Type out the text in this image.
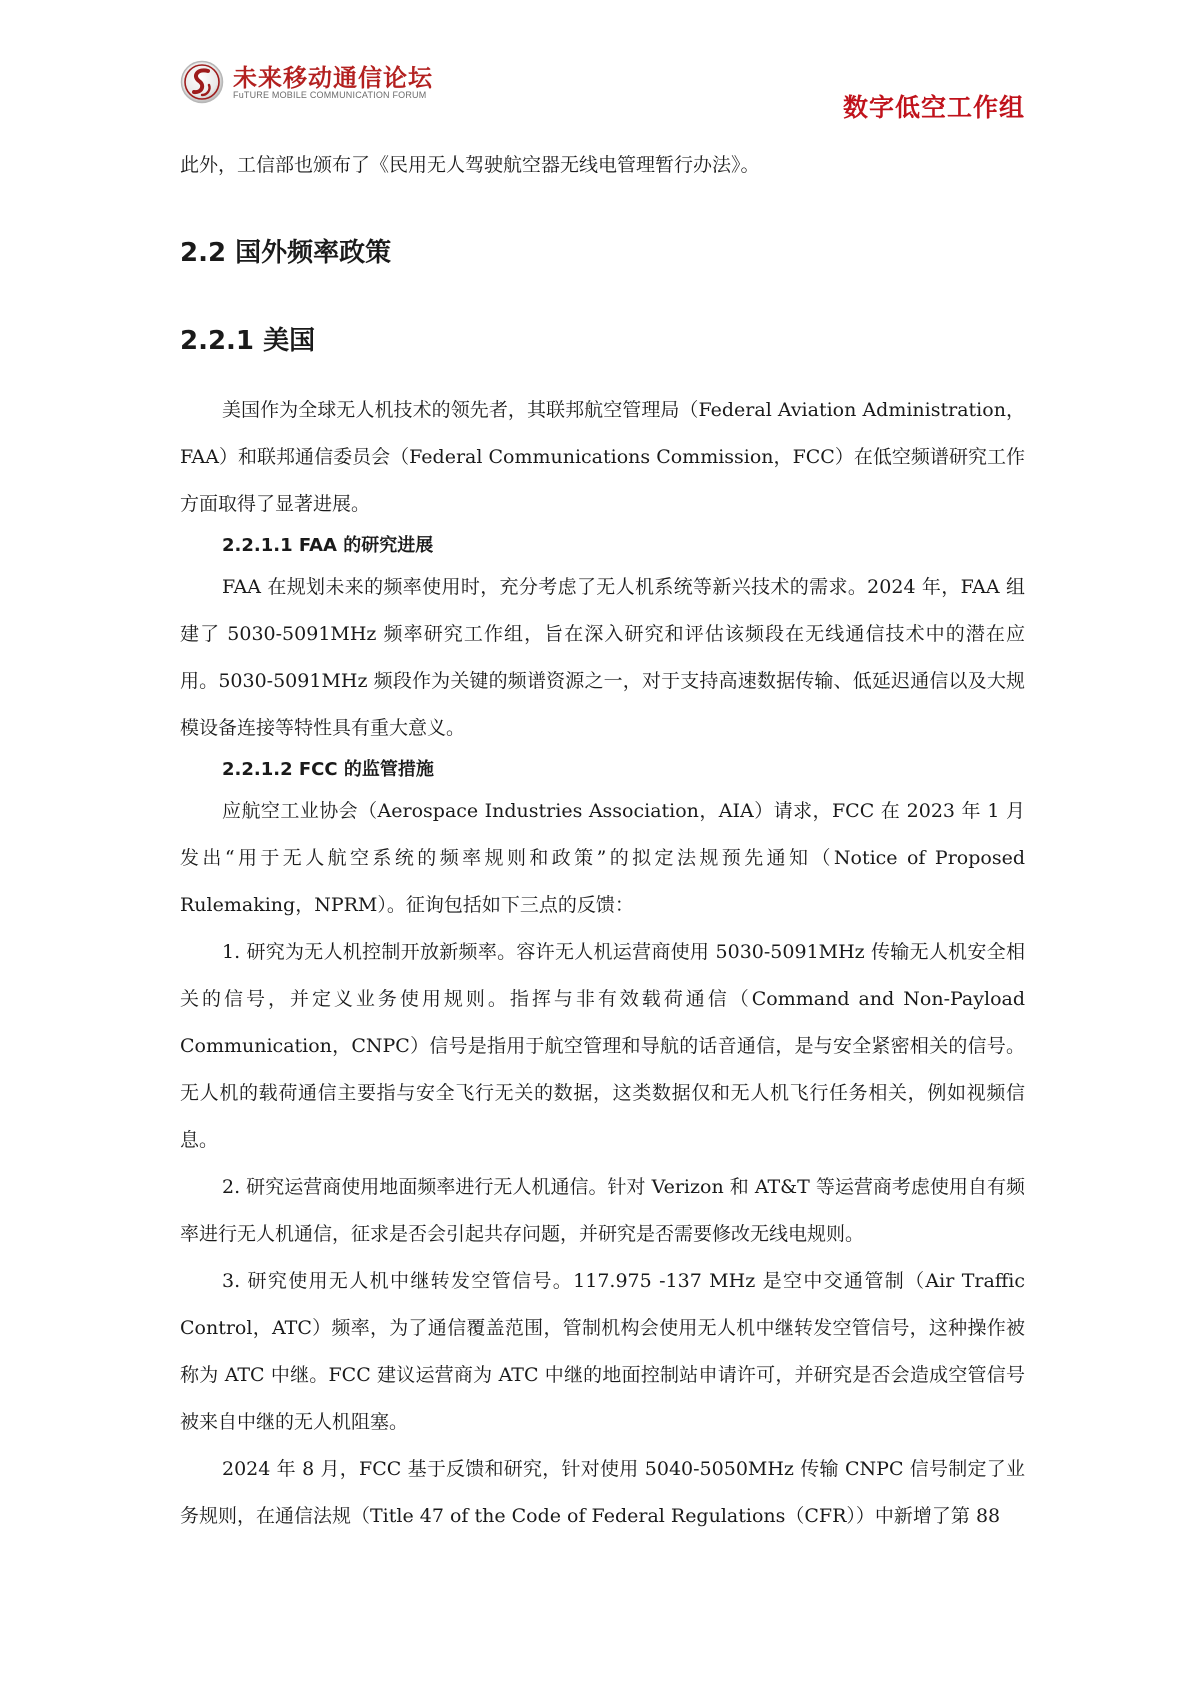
未来移动通信论坛
FuTURE MOBILE COMMUNICATION FORUM	数字低空工作组

此外，工信部也颁布了《民用无人驾驶航空器无线电管理暂行办法》。

2.2 国外频率政策
2.2.1 美国

美国作为全球无人机技术的领先者，其联邦航空管理局（Federal Aviation Administration，FAA）和联邦通信委员会（Federal Communications Commission，FCC）在低空频谱研究工作方面取得了显著进展。

2.2.1.1 FAA 的研究进展

FAA 在规划未来的频率使用时，充分考虑了无人机系统等新兴技术的需求。2024 年，FAA 组建了 5030-5091MHz 频率研究工作组，旨在深入研究和评估该频段在无线通信技术中的潜在应用。5030-5091MHz 频段作为关键的频谱资源之一，对于支持高速数据传输、低延迟通信以及大规模设备连接等特性具有重大意义。

2.2.1.2 FCC 的监管措施

应航空工业协会（Aerospace Industries Association，AIA）请求，FCC 在 2023 年 1 月发出“用于无人航空系统的频率规则和政策”的拟定法规预先通知（Notice of Proposed Rulemaking，NPRM）。征询包括如下三点的反馈：

1. 研究为无人机控制开放新频率。容许无人机运营商使用 5030-5091MHz 传输无人机安全相关的信号，并定义业务使用规则。指挥与非有效载荷通信（Command and Non-Payload Communication，CNPC）信号是指用于航空管理和导航的话音通信，是与安全紧密相关的信号。无人机的载荷通信主要指与安全飞行无关的数据，这类数据仅和无人机飞行任务相关，例如视频信息。

2. 研究运营商使用地面频率进行无人机通信。针对 Verizon 和 AT&T 等运营商考虑使用自有频率进行无人机通信，征求是否会引起共存问题，并研究是否需要修改无线电规则。

3. 研究使用无人机中继转发空管信号。117.975 -137 MHz 是空中交通管制（Air Traffic Control，ATC）频率，为了通信覆盖范围，管制机构会使用无人机中继转发空管信号，这种操作被称为 ATC 中继。FCC 建议运营商为 ATC 中继的地面控制站申请许可，并研究是否会造成空管信号被来自中继的无人机阻塞。

2024 年 8 月，FCC 基于反馈和研究，针对使用 5040-5050MHz 传输 CNPC 信号制定了业务规则，在通信法规（Title 47 of the Code of Federal Regulations（CFR））中新增了第 88
